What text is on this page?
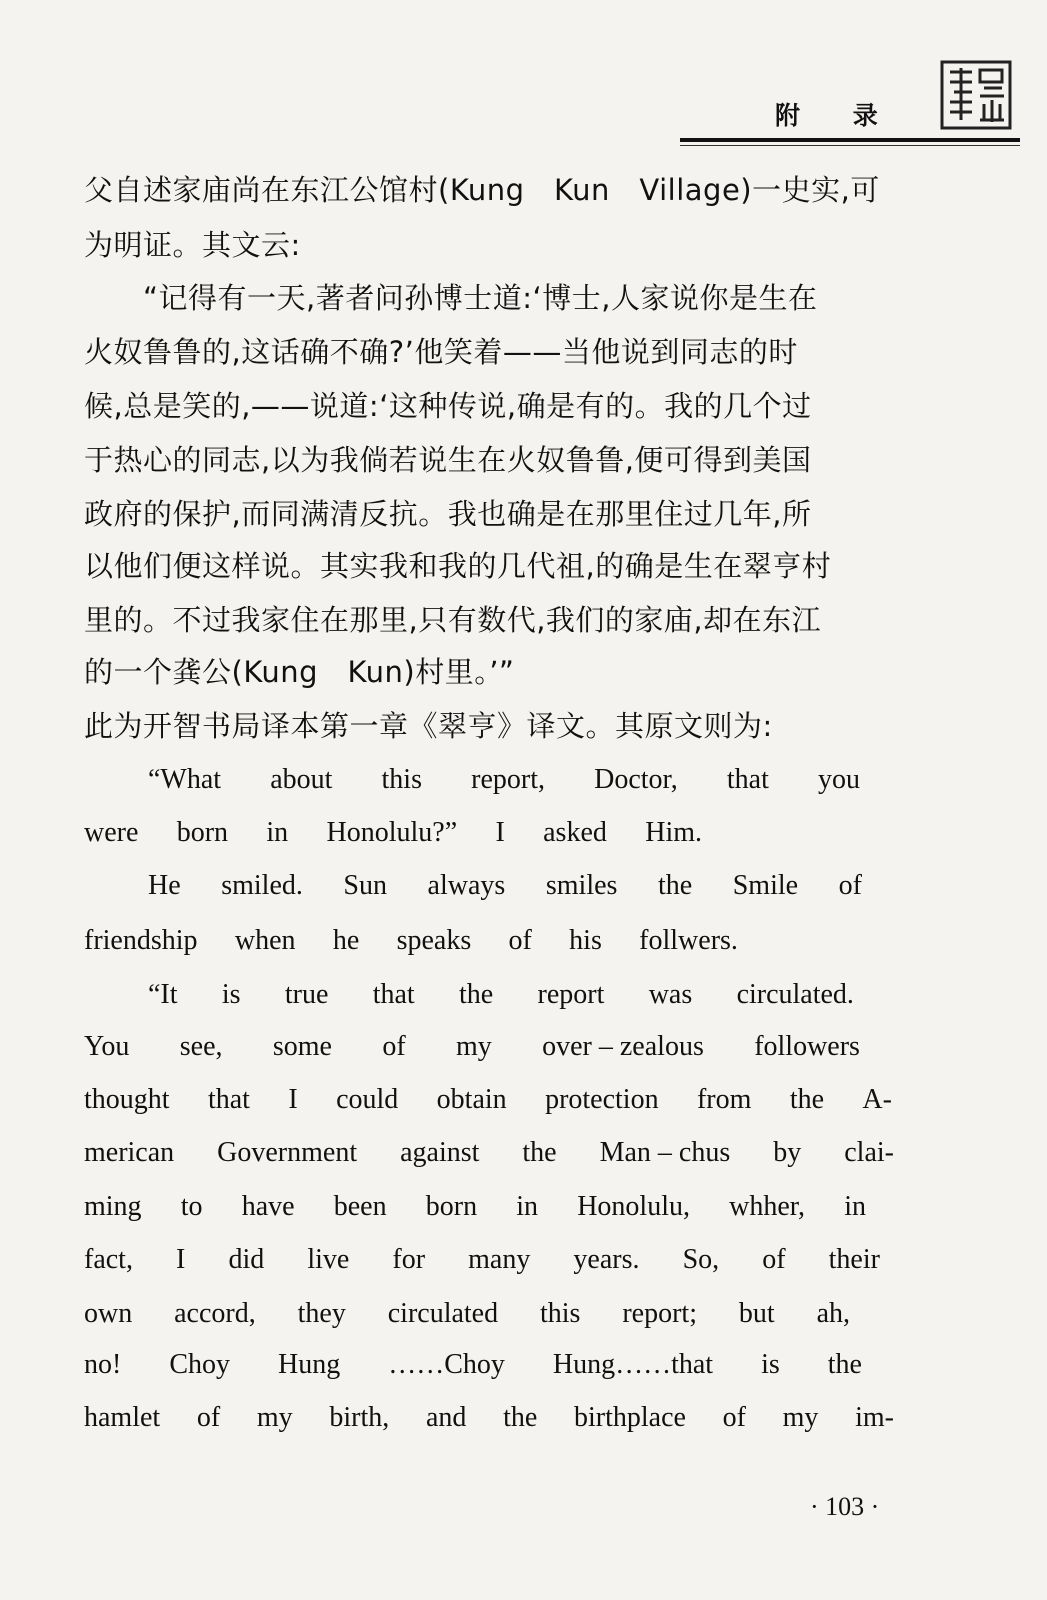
附 录
父自述家庙尚在东江公馆村(Kung　Kun　Village)一史实,可
为明证。其文云:
　　“记得有一天,著者问孙博士道:‘博士,人家说你是生在
火奴鲁鲁的,这话确不确?’他笑着——当他说到同志的时
候,总是笑的,——说道:‘这种传说,确是有的。我的几个过
于热心的同志,以为我倘若说生在火奴鲁鲁,便可得到美国
政府的保护,而同满清反抗。我也确是在那里住过几年,所
以他们便这样说。其实我和我的几代祖,的确是生在翠亨村
里的。不过我家住在那里,只有数代,我们的家庙,却在东江
的一个龚公(Kung　Kun)村里。’”
此为开智书局译本第一章《翠亨》译文。其原文则为:
“What about this report, Doctor, that you
were born in Honolulu?” I asked Him.
He smiled. Sun always smiles the Smile of
friendship when he speaks of his follwers.
“It is true that the report was circulated.
You see, some of my over – zealous followers
thought that I could obtain protection from the A-
merican Government against the Man – chus by clai-
ming to have been born in Honolulu, whher, in
fact, I did live for many years. So, of their
own accord, they circulated this report; but ah,
no! Choy Hung ……Choy Hung……that is the
hamlet of my birth, and the birthplace of my im-
· 103 ·
